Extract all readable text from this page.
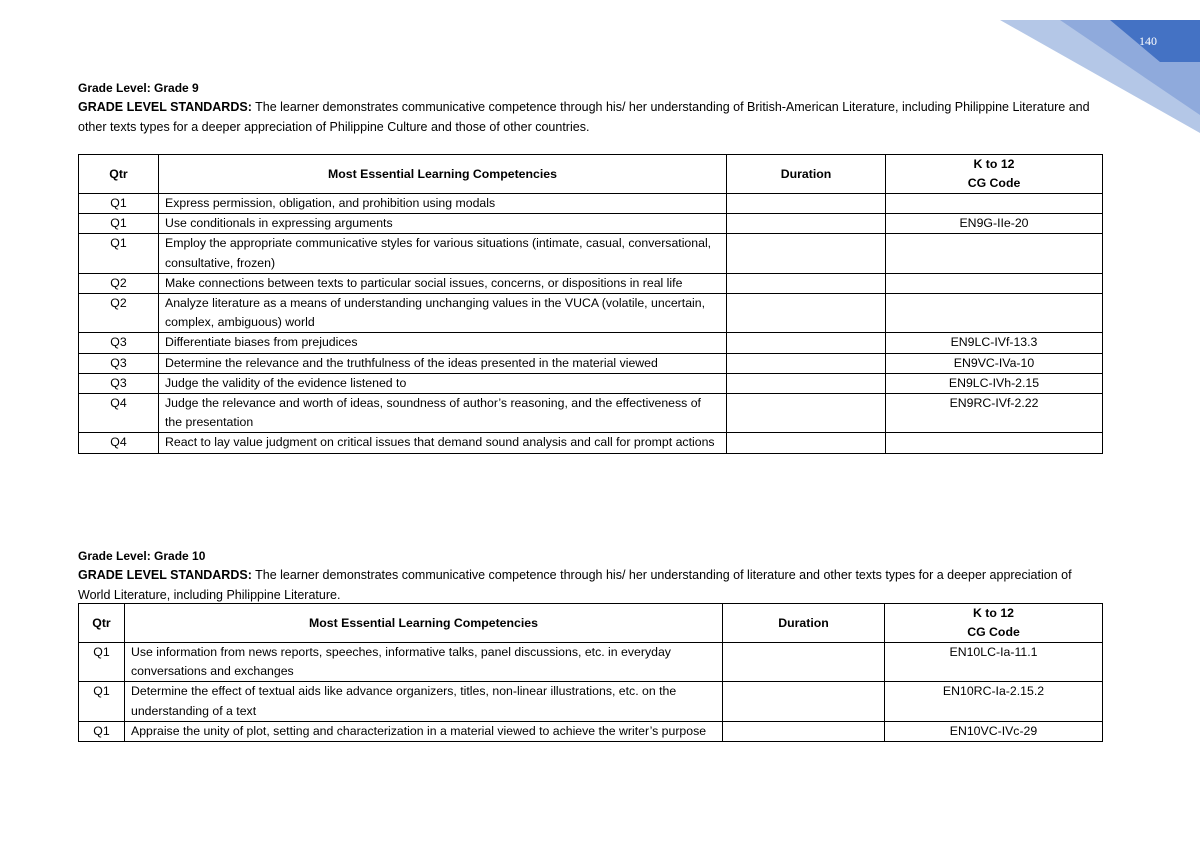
140
Grade Level: Grade 9
GRADE LEVEL STANDARDS: The learner demonstrates communicative competence through his/ her understanding of British-American Literature, including Philippine Literature and other texts types for a deeper appreciation of Philippine Culture and those of other countries.
Qtr	Most Essential Learning Competencies	Duration	K to 12
CG Code
Q1	Express permission, obligation, and prohibition using modals		
Q1	Use conditionals in expressing arguments		EN9G-IIe-20
Q1	Employ the appropriate communicative styles for various situations (intimate, casual, conversational, consultative, frozen)		
Q2	Make connections between texts to particular social issues, concerns, or dispositions in real life		
Q2	Analyze literature as a means of understanding unchanging values in the VUCA (volatile, uncertain, complex, ambiguous) world		
Q3	Differentiate biases from prejudices		EN9LC-IVf-13.3
Q3	Determine the relevance and the truthfulness of the ideas presented in the material viewed		EN9VC-IVa-10
Q3	Judge the validity of the evidence listened to		EN9LC-IVh-2.15
Q4	Judge the relevance and worth of ideas, soundness of author’s reasoning, and the effectiveness of the presentation		EN9RC-IVf-2.22
Q4	React to lay value judgment on critical issues that demand sound analysis and call for prompt actions		
Grade Level: Grade 10
GRADE LEVEL STANDARDS: The learner demonstrates communicative competence through his/ her understanding of literature and other texts types for a deeper appreciation of World Literature, including Philippine Literature.
Qtr	Most Essential Learning Competencies	Duration	K to 12
CG Code
Q1	Use information from news reports, speeches, informative talks, panel discussions, etc. in everyday conversations and exchanges		EN10LC-Ia-11.1
Q1	Determine the effect of textual aids like advance organizers, titles, non-linear illustrations, etc. on the understanding of a text		EN10RC-Ia-2.15.2
Q1	Appraise the unity of plot, setting and characterization in a material viewed to achieve the writer’s purpose		EN10VC-IVc-29
